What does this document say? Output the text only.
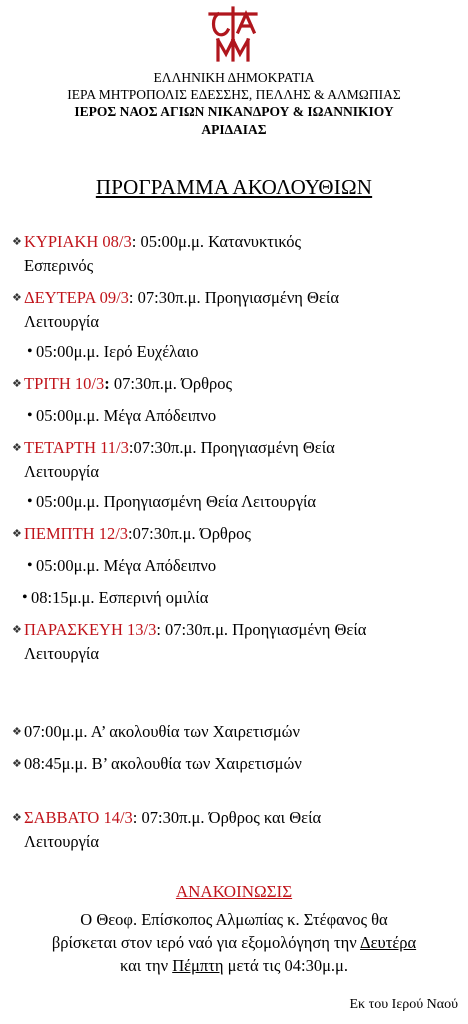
ΕΛΛΗΝΙΚΗ ΔΗΜΟΚΡΑΤΙΑ
ΙΕΡΑ ΜΗΤΡΟΠΟΛΙΣ ΕΔΕΣΣΗΣ, ΠΕΛΛΗΣ & ΑΛΜΩΠΙΑΣ
ΙΕΡΟΣ ΝΑΟΣ ΑΓΙΩΝ ΝΙΚΑΝΔΡΟΥ & ΙΩΑΝΝΙΚΙΟΥ
ΑΡΙΔΑΙΑΣ
ΠΡΟΓΡΑΜΜΑ ΑΚΟΛΟΥΘΙΩΝ
❖ ΚΥΡΙΑΚΗ 08/3: 05:00μ.μ. Κατανυκτικός
Εσπερινός
❖ ΔΕΥΤΕΡΑ 09/3: 07:30π.μ. Προηγιασμένη Θεία
Λειτουργία
• 05:00μ.μ. Ιερό Ευχέλαιο
❖ ΤΡΙΤΗ 10/3: 07:30π.μ. Όρθρος
• 05:00μ.μ. Μέγα Απόδειπνο
❖ ΤΕΤΑΡΤΗ 11/3:07:30π.μ. Προηγιασμένη Θεία
Λειτουργία
• 05:00μ.μ. Προηγιασμένη Θεία Λειτουργία
❖ ΠΕΜΠΤΗ 12/3:07:30π.μ. Όρθρος
• 05:00μ.μ. Μέγα Απόδειπνο
• 08:15μ.μ. Εσπερινή ομιλία
❖ ΠΑΡΑΣΚΕΥΗ 13/3: 07:30π.μ. Προηγιασμένη Θεία
Λειτουργία
❖ 07:00μ.μ. Α’ ακολουθία των Χαιρετισμών
❖ 08:45μ.μ. Β’ ακολουθία των Χαιρετισμών
❖ ΣΑΒΒΑΤΟ 14/3: 07:30π.μ. Όρθρος και Θεία
Λειτουργία
ΑΝΑΚΟΙΝΩΣΙΣ
Ο Θεοφ. Επίσκοπος Αλμωπίας κ. Στέφανος θα
βρίσκεται στον ιερό ναό για εξομολόγηση την Δευτέρα
και την Πέμπτη μετά τις 04:30μ.μ.
Εκ του Ιερού Ναού
